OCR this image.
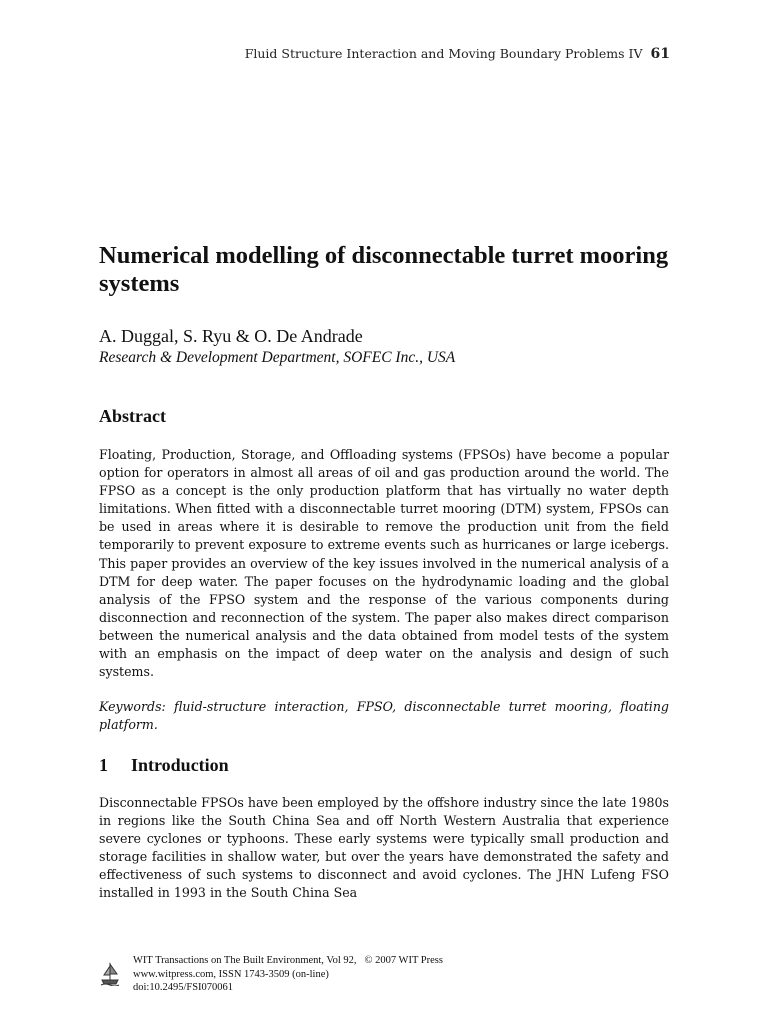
Fluid Structure Interaction and Moving Boundary Problems IV 61
Numerical modelling of disconnectable turret mooring systems
A. Duggal, S. Ryu & O. De Andrade
Research & Development Department, SOFEC Inc., USA
Abstract

Floating, Production, Storage, and Offloading systems (FPSOs) have become a popular option for operators in almost all areas of oil and gas production around the world. The FPSO as a concept is the only production platform that has virtually no water depth limitations. When fitted with a disconnectable turret mooring (DTM) system, FPSOs can be used in areas where it is desirable to remove the production unit from the field temporarily to prevent exposure to extreme events such as hurricanes or large icebergs. This paper provides an overview of the key issues involved in the numerical analysis of a DTM for deep water. The paper focuses on the hydrodynamic loading and the global analysis of the FPSO system and the response of the various components during disconnection and reconnection of the system. The paper also makes direct comparison between the numerical analysis and the data obtained from model tests of the system with an emphasis on the impact of deep water on the analysis and design of such systems.

Keywords: fluid-structure interaction, FPSO, disconnectable turret mooring, floating platform.

1 Introduction

Disconnectable FPSOs have been employed by the offshore industry since the late 1980s in regions like the South China Sea and off North Western Australia that experience severe cyclones or typhoons. These early systems were typically small production and storage facilities in shallow water, but over the years have demonstrated the safety and effectiveness of such systems to disconnect and avoid cyclones. The JHN Lufeng FSO installed in 1993 in the South China Sea

WIT Transactions on The Built Environment, Vol 92, © 2007 WIT Press
www.witpress.com, ISSN 1743-3509 (on-line)
doi:10.2495/FSI070061
